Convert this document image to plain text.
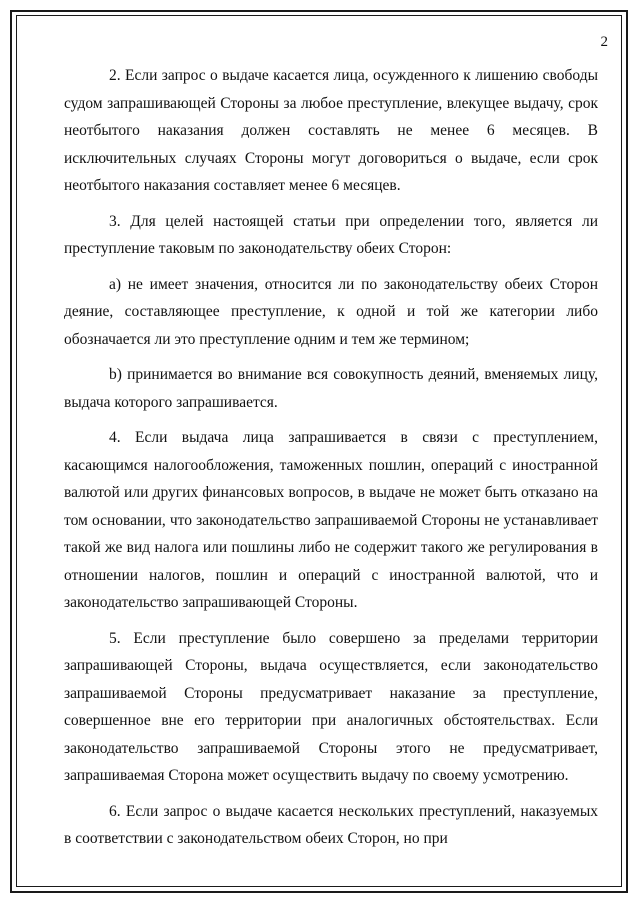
2

2. Если запрос о выдаче касается лица, осужденного к лишению свободы судом запрашивающей Стороны за любое преступление, влекущее выдачу, срок неотбытого наказания должен составлять не менее 6 месяцев. В исключительных случаях Стороны могут договориться о выдаче, если срок неотбытого наказания составляет менее 6 месяцев.

3. Для целей настоящей статьи при определении того, является ли преступление таковым по законодательству обеих Сторон:

a) не имеет значения, относится ли по законодательству обеих Сторон деяние, составляющее преступление, к одной и той же категории либо обозначается ли это преступление одним и тем же термином;

b) принимается во внимание вся совокупность деяний, вменяемых лицу, выдача которого запрашивается.

4. Если выдача лица запрашивается в связи с преступлением, касающимся налогообложения, таможенных пошлин, операций с иностранной валютой или других финансовых вопросов, в выдаче не может быть отказано на том основании, что законодательство запрашиваемой Стороны не устанавливает такой же вид налога или пошлины либо не содержит такого же регулирования в отношении налогов, пошлин и операций с иностранной валютой, что и законодательство запрашивающей Стороны.

5. Если преступление было совершено за пределами территории запрашивающей Стороны, выдача осуществляется, если законодательство запрашиваемой Стороны предусматривает наказание за преступление, совершенное вне его территории при аналогичных обстоятельствах. Если законодательство запрашиваемой Стороны этого не предусматривает, запрашиваемая Сторона может осуществить выдачу по своему усмотрению.

6. Если запрос о выдаче касается нескольких преступлений, наказуемых в соответствии с законодательством обеих Сторон, но при
